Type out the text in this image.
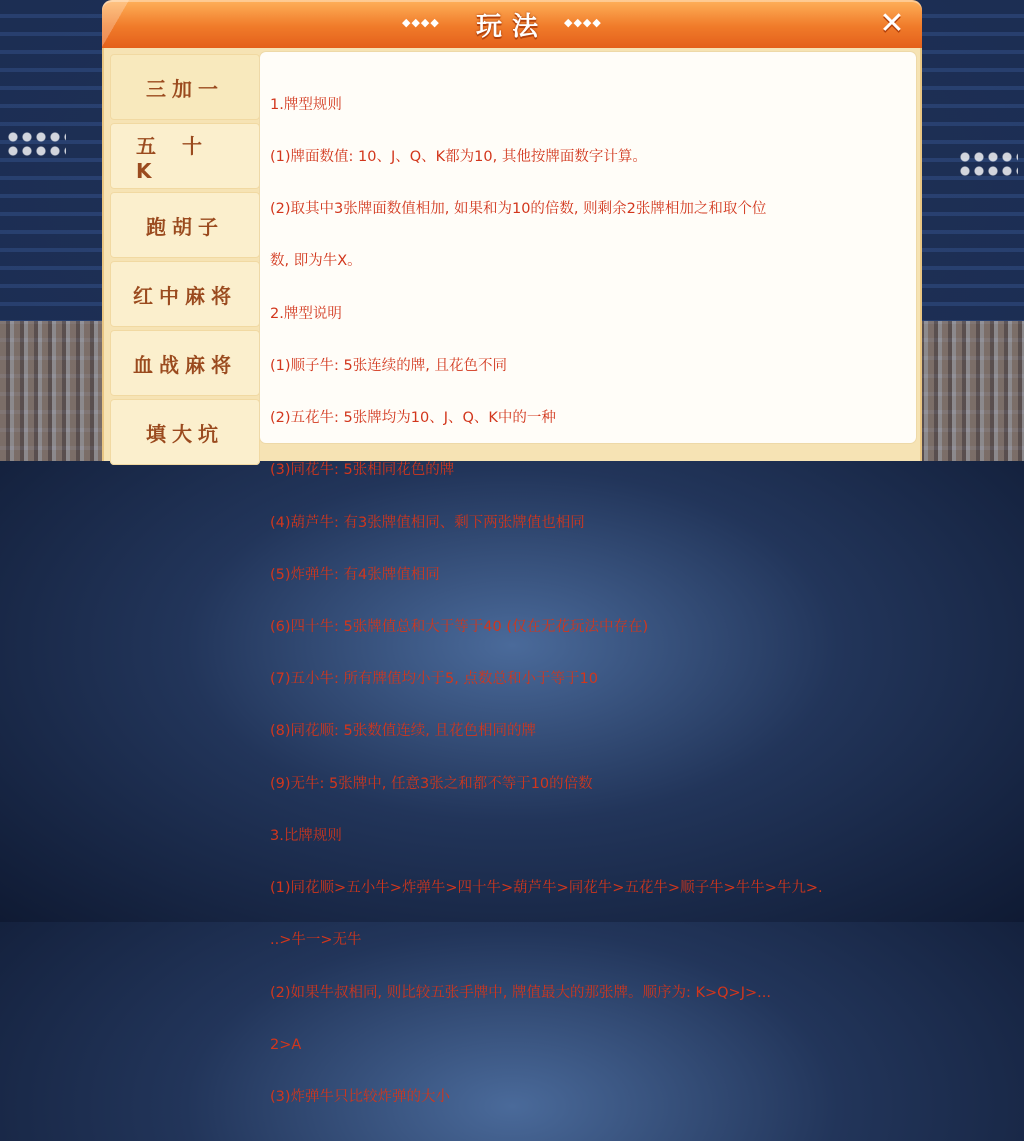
◆◆◆◆	玩法	◆◆◆◆	✕
三加一
五十K
跑胡子
红中麻将
血战麻将
填大坑

1.牌型规则

(1)牌面数值: 10、J、Q、K都为10, 其他按牌面数字计算。

(2)取其中3张牌面数值相加, 如果和为10的倍数, 则剩余2张牌相加之和取个位

数, 即为牛X。

2.牌型说明

(1)顺子牛: 5张连续的牌, 且花色不同

(2)五花牛: 5张牌均为10、J、Q、K中的一种

(3)同花牛: 5张相同花色的牌

(4)葫芦牛: 有3张牌值相同、剩下两张牌值也相同

(5)炸弹牛: 有4张牌值相同

(6)四十牛: 5张牌值总和大于等于40 (仅在无花玩法中存在)

(7)五小牛: 所有牌值均小于5, 点数总和小于等于10

(8)同花顺: 5张数值连续, 且花色相同的牌

(9)无牛: 5张牌中, 任意3张之和都不等于10的倍数

3.比牌规则

(1)同花顺>五小牛>炸弹牛>四十牛>葫芦牛>同花牛>五花牛>顺子牛>牛牛>牛九>.

..>牛一>无牛

(2)如果牛叔相同, 则比较五张手牌中, 牌值最大的那张牌。顺序为: K>Q>J>...

2>A

(3)炸弹牛只比较炸弹的大小
